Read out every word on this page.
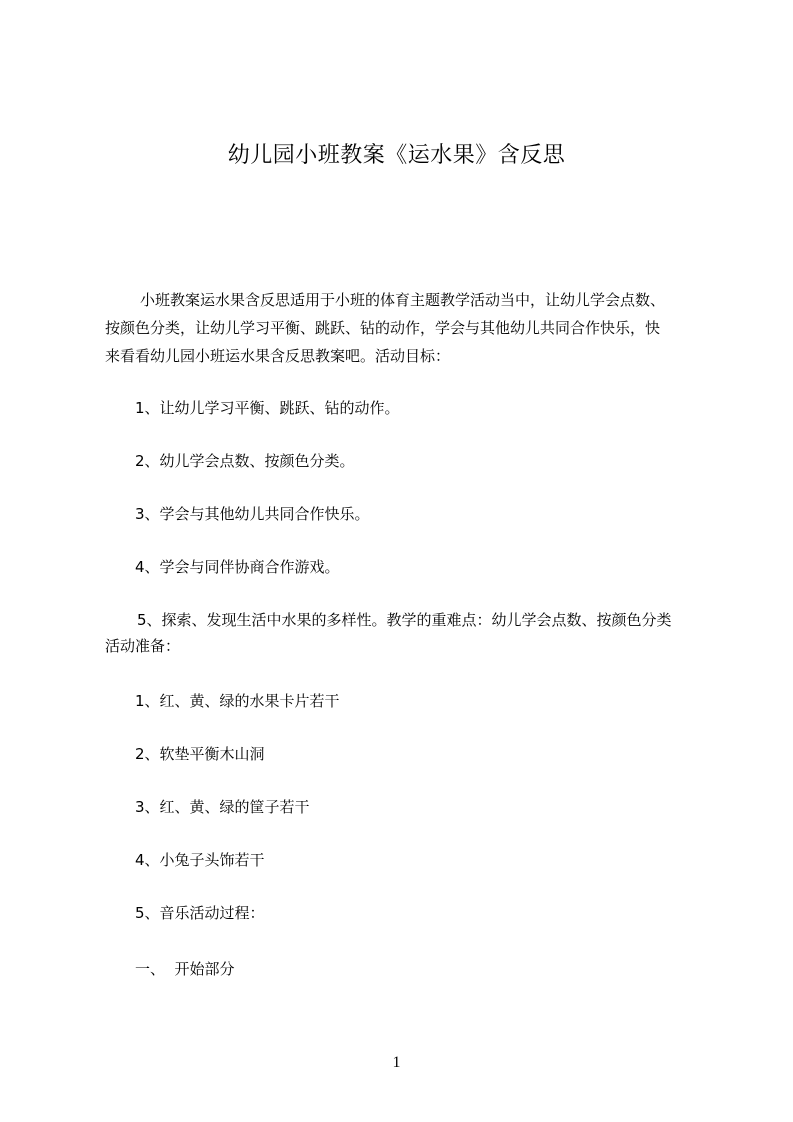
幼儿园小班教案《运水果》含反思
小班教案运水果含反思适用于小班的体育主题教学活动当中，让幼儿学会点数、
按颜色分类，让幼儿学习平衡、跳跃、钻的动作，学会与其他幼儿共同合作快乐，快
来看看幼儿园小班运水果含反思教案吧。活动目标：
1、让幼儿学习平衡、跳跃、钻的动作。
2、幼儿学会点数、按颜色分类。
3、学会与其他幼儿共同合作快乐。
4、学会与同伴协商合作游戏。
5、探索、发现生活中水果的多样性。教学的重难点：幼儿学会点数、按颜色分类
活动准备：
1、红、黄、绿的水果卡片若干
2、软垫平衡木山洞
3、红、黄、绿的筐子若干
4、小兔子头饰若干
5、音乐活动过程：
一、  开始部分
1
